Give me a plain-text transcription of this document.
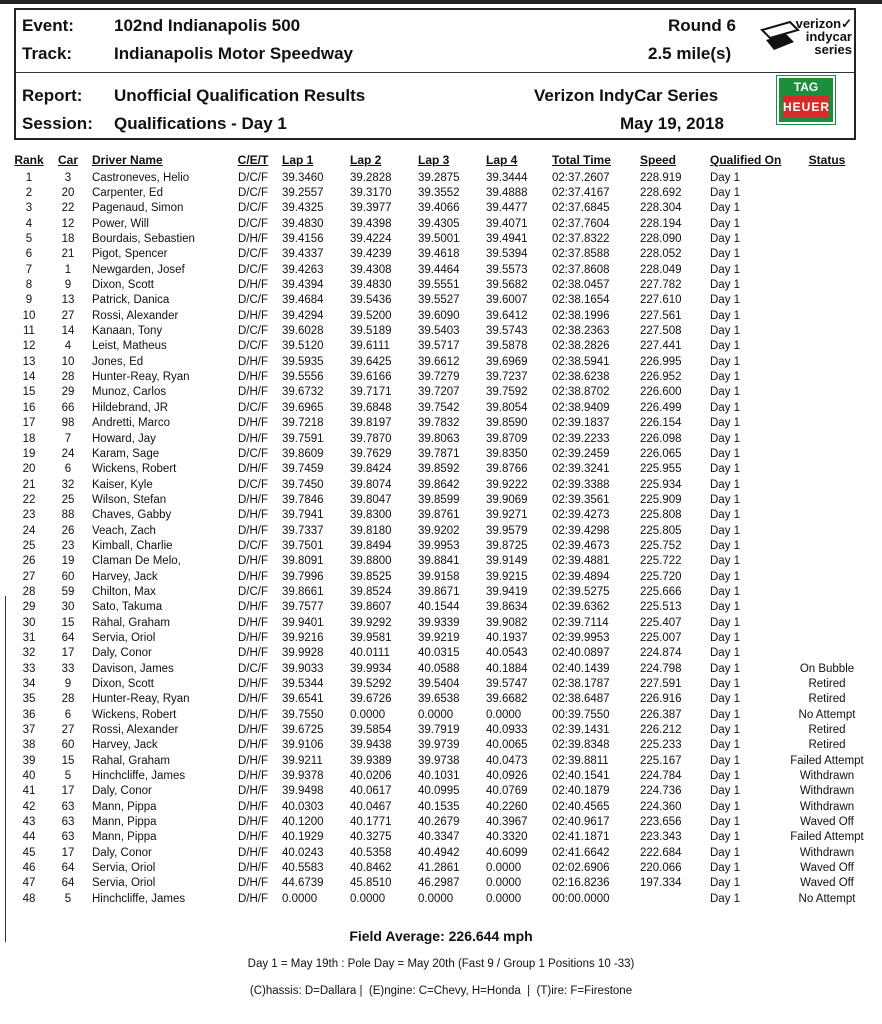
Event: 102nd Indianapolis 500	Round 6
Track: Indianapolis Motor Speedway	2.5 mile(s)
Report: Unofficial Qualification Results	Verizon IndyCar Series
Session: Qualifications - Day 1	May 19, 2018
verizon✓
indycar
series
TAG
HEUER
Rank	Car	Driver Name	C/E/T	Lap 1	Lap 2	Lap 3	Lap 4	Total Time	Speed	Qualified On	Status
1	3	Castroneves, Helio	D/C/F	39.3460	39.2828	39.2875	39.3444	02:37.2607	228.919	Day 1	
2	20	Carpenter, Ed	D/C/F	39.2557	39.3170	39.3552	39.4888	02:37.4167	228.692	Day 1	
3	22	Pagenaud, Simon	D/C/F	39.4325	39.3977	39.4066	39.4477	02:37.6845	228.304	Day 1	
4	12	Power, Will	D/C/F	39.4830	39.4398	39.4305	39.4071	02:37.7604	228.194	Day 1	
5	18	Bourdais, Sebastien	D/H/F	39.4156	39.4224	39.5001	39.4941	02:37.8322	228.090	Day 1	
6	21	Pigot, Spencer	D/C/F	39.4337	39.4239	39.4618	39.5394	02:37.8588	228.052	Day 1	
7	1	Newgarden, Josef	D/C/F	39.4263	39.4308	39.4464	39.5573	02:37.8608	228.049	Day 1	
8	9	Dixon, Scott	D/H/F	39.4394	39.4830	39.5551	39.5682	02:38.0457	227.782	Day 1	
9	13	Patrick, Danica	D/C/F	39.4684	39.5436	39.5527	39.6007	02:38.1654	227.610	Day 1	
10	27	Rossi, Alexander	D/H/F	39.4294	39.5200	39.6090	39.6412	02:38.1996	227.561	Day 1	
11	14	Kanaan, Tony	D/C/F	39.6028	39.5189	39.5403	39.5743	02:38.2363	227.508	Day 1	
12	4	Leist, Matheus	D/C/F	39.5120	39.6111	39.5717	39.5878	02:38.2826	227.441	Day 1	
13	10	Jones, Ed	D/H/F	39.5935	39.6425	39.6612	39.6969	02:38.5941	226.995	Day 1	
14	28	Hunter-Reay, Ryan	D/H/F	39.5556	39.6166	39.7279	39.7237	02:38.6238	226.952	Day 1	
15	29	Munoz, Carlos	D/H/F	39.6732	39.7171	39.7207	39.7592	02:38.8702	226.600	Day 1	
16	66	Hildebrand, JR	D/C/F	39.6965	39.6848	39.7542	39.8054	02:38.9409	226.499	Day 1	
17	98	Andretti, Marco	D/H/F	39.7218	39.8197	39.7832	39.8590	02:39.1837	226.154	Day 1	
18	7	Howard, Jay	D/H/F	39.7591	39.7870	39.8063	39.8709	02:39.2233	226.098	Day 1	
19	24	Karam, Sage	D/C/F	39.8609	39.7629	39.7871	39.8350	02:39.2459	226.065	Day 1	
20	6	Wickens, Robert	D/H/F	39.7459	39.8424	39.8592	39.8766	02:39.3241	225.955	Day 1	
21	32	Kaiser, Kyle	D/C/F	39.7450	39.8074	39.8642	39.9222	02:39.3388	225.934	Day 1	
22	25	Wilson, Stefan	D/H/F	39.7846	39.8047	39.8599	39.9069	02:39.3561	225.909	Day 1	
23	88	Chaves, Gabby	D/H/F	39.7941	39.8300	39.8761	39.9271	02:39.4273	225.808	Day 1	
24	26	Veach, Zach	D/H/F	39.7337	39.8180	39.9202	39.9579	02:39.4298	225.805	Day 1	
25	23	Kimball, Charlie	D/C/F	39.7501	39.8494	39.9953	39.8725	02:39.4673	225.752	Day 1	
26	19	Claman De Melo,	D/H/F	39.8091	39.8800	39.8841	39.9149	02:39.4881	225.722	Day 1	
27	60	Harvey, Jack	D/H/F	39.7996	39.8525	39.9158	39.9215	02:39.4894	225.720	Day 1	
28	59	Chilton, Max	D/C/F	39.8661	39.8524	39.8671	39.9419	02:39.5275	225.666	Day 1	
29	30	Sato, Takuma	D/H/F	39.7577	39.8607	40.1544	39.8634	02:39.6362	225.513	Day 1	
30	15	Rahal, Graham	D/H/F	39.9401	39.9292	39.9339	39.9082	02:39.7114	225.407	Day 1	
31	64	Servia, Oriol	D/H/F	39.9216	39.9581	39.9219	40.1937	02:39.9953	225.007	Day 1	
32	17	Daly, Conor	D/H/F	39.9928	40.0111	40.0315	40.0543	02:40.0897	224.874	Day 1	
33	33	Davison, James	D/C/F	39.9033	39.9934	40.0588	40.1884	02:40.1439	224.798	Day 1	On Bubble
34	9	Dixon, Scott	D/H/F	39.5344	39.5292	39.5404	39.5747	02:38.1787	227.591	Day 1	Retired
35	28	Hunter-Reay, Ryan	D/H/F	39.6541	39.6726	39.6538	39.6682	02:38.6487	226.916	Day 1	Retired
36	6	Wickens, Robert	D/H/F	39.7550	0.0000	0.0000	0.0000	00:39.7550	226.387	Day 1	No Attempt
37	27	Rossi, Alexander	D/H/F	39.6725	39.5854	39.7919	40.0933	02:39.1431	226.212	Day 1	Retired
38	60	Harvey, Jack	D/H/F	39.9106	39.9438	39.9739	40.0065	02:39.8348	225.233	Day 1	Retired
39	15	Rahal, Graham	D/H/F	39.9211	39.9389	39.9738	40.0473	02:39.8811	225.167	Day 1	Failed Attempt
40	5	Hinchcliffe, James	D/H/F	39.9378	40.0206	40.1031	40.0926	02:40.1541	224.784	Day 1	Withdrawn
41	17	Daly, Conor	D/H/F	39.9498	40.0617	40.0995	40.0769	02:40.1879	224.736	Day 1	Withdrawn
42	63	Mann, Pippa	D/H/F	40.0303	40.0467	40.1535	40.2260	02:40.4565	224.360	Day 1	Withdrawn
43	63	Mann, Pippa	D/H/F	40.1200	40.1771	40.2679	40.3967	02:40.9617	223.656	Day 1	Waved Off
44	63	Mann, Pippa	D/H/F	40.1929	40.3275	40.3347	40.3320	02:41.1871	223.343	Day 1	Failed Attempt
45	17	Daly, Conor	D/H/F	40.0243	40.5358	40.4942	40.6099	02:41.6642	222.684	Day 1	Withdrawn
46	64	Servia, Oriol	D/H/F	40.5583	40.8462	41.2861	0.0000	02:02.6906	220.066	Day 1	Waved Off
47	64	Servia, Oriol	D/H/F	44.6739	45.8510	46.2987	0.0000	02:16.8236	197.334	Day 1	Waved Off
48	5	Hinchcliffe, James	D/H/F	0.0000	0.0000	0.0000	0.0000	00:00.0000		Day 1	No Attempt
Field Average: 226.644 mph
Day 1 = May 19th : Pole Day = May 20th (Fast 9 / Group 1 Positions 10 -33)
(C)hassis: D=Dallara |  (E)ngine: C=Chevy, H=Honda  |  (T)ire: F=Firestone
